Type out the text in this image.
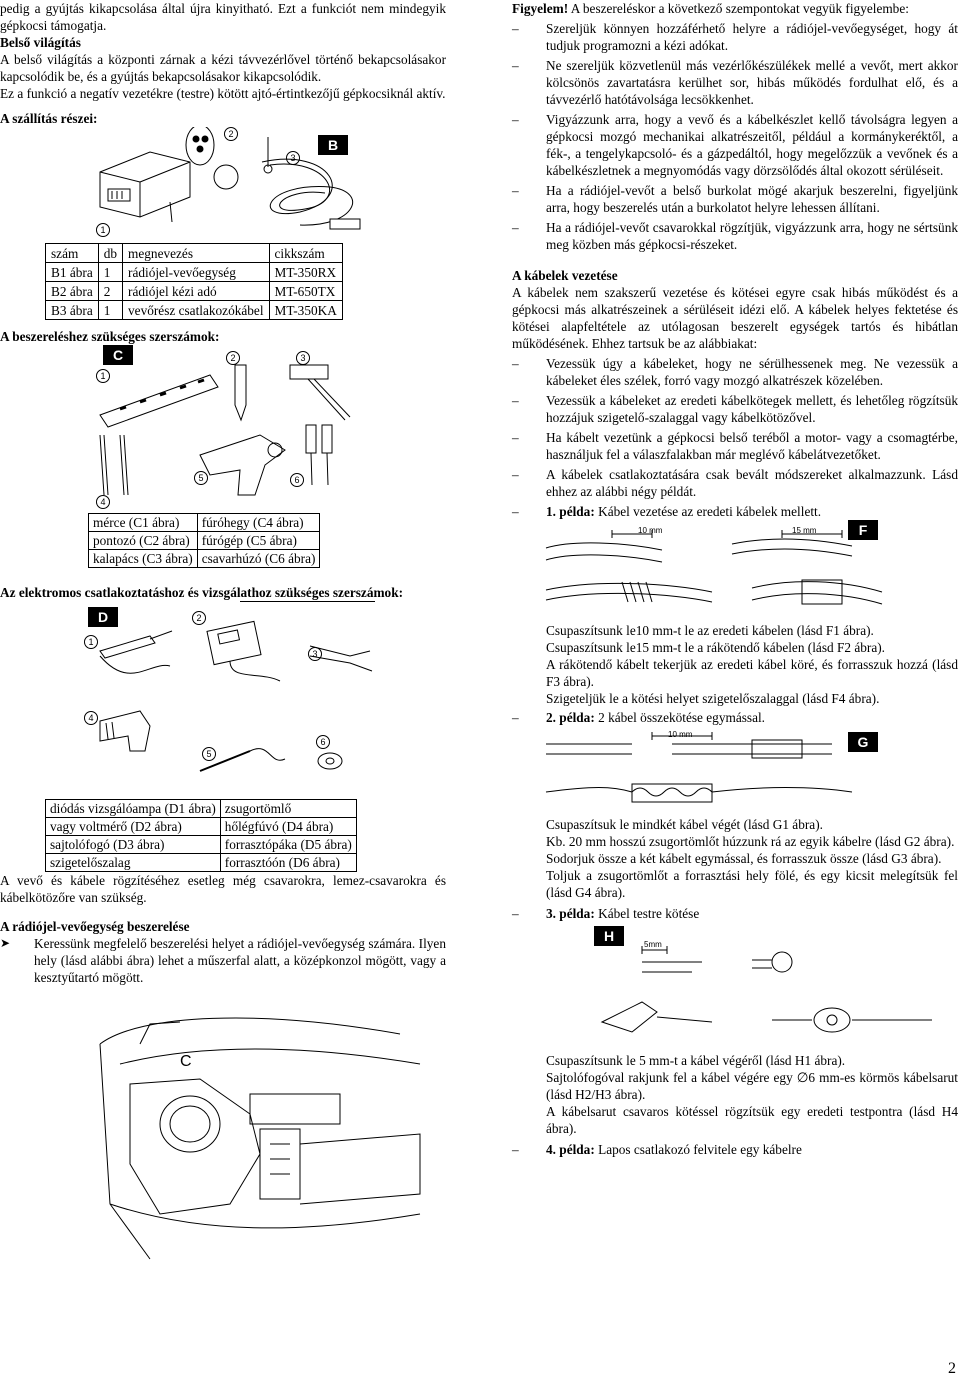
pedig a gyújtás kikapcsolása által újra kinyitható. Ezt a funkciót nem mindegyik gépkocsi támogatja.

Belső világítás

A belső világítás a központi zárnak a kézi távvezérlővel történő bekapcsolásakor kapcsolódik be, és a gyújtás bekapcsolásakor kikapcsolódik.

Ez a funkció a negatív vezetékre (testre) kötött ajtó-értintkezőjű gépkocsiknál aktív.

A szállítás részei:

B
1
2
3
szám	db	megnevezés	cikkszám
B1 ábra	1	rádiójel-vevőegység	MT-350RX
B2 ábra	2	rádiójel kézi adó	MT-650TX
B3 ábra	1	vevőrész csatlakozókábel	MT-350KA

A beszereléshez szükséges szerszámok:

C
1
2	3
4
5	6
mérce (C1 ábra)	fúróhegy (C4 ábra)
pontozó (C2 ábra)	fúrógép (C5 ábra)
kalapács (C3 ábra)	csavarhúzó (C6 ábra)

Az elektromos csatlakoztatáshoz és vizsgálathoz szükséges szerszámok:

D
1
2
3
4
5
6
diódás vizsgálóampa (D1 ábra)	zsugortömlő
vagy voltmérő (D2 ábra)	hőlégfúvó (D4 ábra)
sajtolófogó (D3 ábra)	forrasztópáka (D5 ábra)
szigetelőszalag	forrasztóón (D6 ábra)

A vevő és kábele rögzítéséhez esetleg még csavarokra, lemez-csavarokra és kábelkötözőre van szükség.

A rádiójel-vevőegység beszerelése

➤ Keressünk megfelelő beszerelési helyet a rádiójel-vevőegység számára. Ilyen hely (lásd alábbi ábra) lehet a műszerfal alatt, a középkonzol mögött, vagy a kesztyűtartó mögött.

C

Figyelem! A beszereléskor a következő szempontokat vegyük figyelembe:

– Szereljük könnyen hozzáférhető helyre a rádiójel-vevőegységet, hogy át tudjuk programozni a kézi adókat.
– Ne szereljük közvetlenül más vezérlőkészülékek mellé a vevőt, mert akkor kölcsönös zavartatásra kerülhet sor, hibás működés fordulhat elő, és a távvezérlő hatótávolsága lecsökkenhet.
– Vigyázzunk arra, hogy a vevő és a kábelkészlet kellő távolságra legyen a gépkocsi mozgó mechanikai alkatrészeitől, például a kormánykeréktől, a fék-, a tengelykapcsoló- és a gázpedáltól, hogy megelőzzük a vevőnek és a kábelkészletnek a megnyomódás vagy dörzsölődés által okozott sérüléseit.
– Ha a rádiójel-vevőt a belső burkolat mögé akarjuk beszerelni, figyeljünk arra, hogy beszerelés után a burkolatot helyre lehessen állítani.
– Ha a rádiójel-vevőt csavarokkal rögzítjük, vigyázzunk arra, hogy ne sértsünk meg közben más gépkocsi-részeket.

A kábelek vezetése

A kábelek nem szakszerű vezetése és kötései egyre csak hibás működést és a gépkocsi más alkatrészeinek a sérüléseit idézi elő. A kábelek helyes fektetése és kötései alapfeltétele az utólagosan beszerelt egységek tartós és hibátlan működésének. Ehhez tartsuk be az alábbiakat:

– Vezessük úgy a kábeleket, hogy ne sérülhessenek meg. Ne vezessük a kábeleket éles szélek, forró vagy mozgó alkatrészek közelében.
– Vezessük a kábeleket az eredeti kábelkötegek mellett, és lehetőleg rögzítsük hozzájuk szigetelő-szalaggal vagy kábelkötözővel.
– Ha kábelt vezetünk a gépkocsi belső teréből a motor- vagy a csomagtérbe, használjuk fel a válaszfalakban már meglévő kábelátvezetőket.
– A kábelek csatlakoztatására csak bevált módszereket alkalmazzunk. Lásd ehhez az alábbi négy példát.
– 1. példa: Kábel vezetése az eredeti kábelek mellett.
F
10 mm	15 mm

Csupaszítsunk le10 mm-t le az eredeti kábelen (lásd F1 ábra).

Csupaszítsunk le15 mm-t le a rákötendő kábelen (lásd F2 ábra).

A rákötendő kábelt tekerjük az eredeti kábel köré, és forrasszuk hozzá (lásd F3 ábra).

Szigeteljük le a kötési helyet szigetelőszalaggal (lásd F4 ábra).

– 2. példa: 2 kábel összekötése egymással.
G
10 mm

Csupaszítsuk le mindkét kábel végét (lásd G1 ábra).

Kb. 20 mm hosszú zsugortömlőt húzzunk rá az egyik kábelre (lásd G2 ábra).

Sodorjuk össze a két kábelt egymással, és forrasszuk össze (lásd G3 ábra).

Toljuk a zsugortömlőt a forrasztási hely fölé, és egy kicsit melegítsük fel (lásd G4 ábra).

– 3. példa: Kábel testre kötése
H
5mm

Csupaszítsunk le 5 mm-t a kábel végéről (lásd H1 ábra).

Sajtolófogóval rakjunk fel a kábel végére egy ∅6 mm-es körmös kábelsarut (lásd H2/H3 ábra).

A kábelsarut csavaros kötéssel rögzítsük egy eredeti testpontra (lásd H4 ábra).

– 4. példa: Lapos csatlakozó felvitele egy kábelre
2
